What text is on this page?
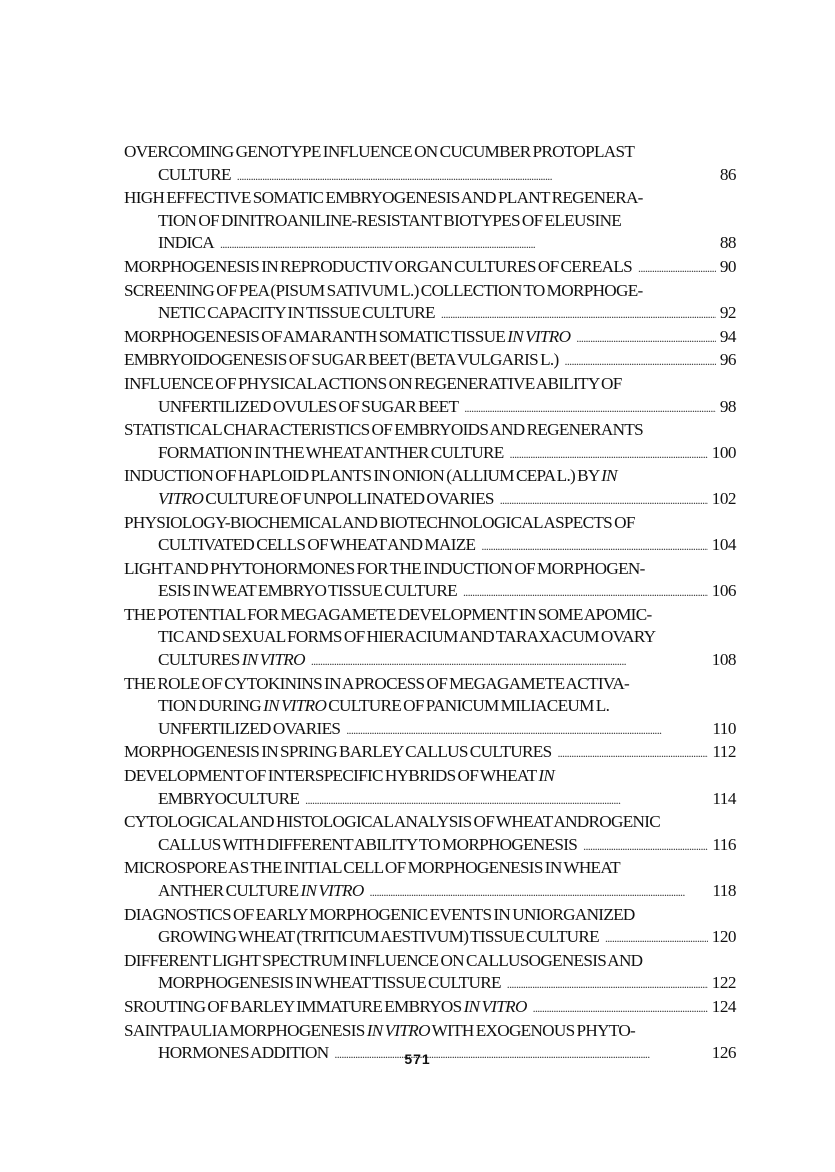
OVERCOMING GENOTYPE INFLUENCE ON CUCUMBER PROTOPLAST
CULTURE . . .	86
HIGH EFFECTIVE SOMATIC EMBRYOGENESIS AND PLANT REGENERA-
TION OF DINITROANILINE-RESISTANT BIOTYPES OF ELEUSINE
INDICA . . .	88
MORPHOGENESIS IN REPRODUCTIV ORGAN CULTURES OF CEREALS . . .	90
SCREENING OF PEA (PISUM SATIVUM L.) COLLECTION TO MORPHOGE-
NETIC CAPACITY IN TISSUE CULTURE . . .	92
MORPHOGENESIS OF AMARANTH SOMATIC TISSUE IN VITRO . . .	94
EMBRYOIDOGENESIS OF SUGAR BEET (BETA VULGARIS L.) . . .	96
INFLUENCE OF PHYSICAL ACTIONS ON REGENERATIVE ABILITY OF
UNFERTILIZED OVULES OF SUGAR BEET . . .	98
STATISTICAL CHARACTERISTICS OF EMBRYOIDS AND REGENERANTS
FORMATION IN THE WHEAT ANTHER CULTURE . . .	100
INDUCTION OF HAPLOID PLANTS IN ONION (ALLIUM CEPA L.) BY IN
VITRO CULTURE OF UNPOLLINATED OVARIES . . .	102
PHYSIOLOGY-BIOCHEMICAL AND BIOTECHNOLOGICAL ASPECTS OF
CULTIVATED CELLS OF WHEAT AND MAIZE . . .	104
LIGHT AND PHYTOHORMONES FOR THE INDUCTION OF MORPHOGEN-
ESIS IN WEAT EMBRYO TISSUE CULTURE . . .	106
THE POTENTIAL FOR MEGAGAMETE DEVELOPMENT IN SOME APOMIC-
TIC AND SEXUAL FORMS OF HIERACIUM AND TARAXACUM OVARY
CULTURES IN VITRO . . .	108
THE ROLE OF CYTOKININS IN A PROCESS OF MEGAGAMETE ACTIVA-
TION DURING IN VITRO CULTURE OF PANICUM MILIACEUM L.
UNFERTILIZED OVARIES . . .	110
MORPHOGENESIS IN SPRING BARLEY CALLUS CULTURES . . .	112
DEVELOPMENT OF INTERSPECIFIC HYBRIDS OF WHEAT IN
EMBRYOCULTURE . . .	114
CYTOLOGICAL AND HISTOLOGICAL ANALYSIS OF WHEAT ANDROGENIC
CALLUS WITH DIFFERENT ABILITY TO MORPHOGENESIS . . .	116
MICROSPORE AS THE INITIAL CELL OF MORPHOGENESIS IN WHEAT
ANTHER CULTURE IN VITRO . . .	118
DIAGNOSTICS OF EARLY MORPHOGENIC EVENTS IN UNIORGANIZED
GROWING WHEAT (TRITICUM AESTIVUM) TISSUE CULTURE . . .	120
DIFFERENT LIGHT SPECTRUM INFLUENCE ON CALLUSOGENESIS AND
MORPHOGENESIS IN WHEAT TISSUE CULTURE . . .	122
SROUTING OF BARLEY IMMATURE EMBRYOS IN VITRO . . .	124
SAINTPAULIA MORPHOGENESIS IN VITRO WITH EXOGENOUS PHYTO-
HORMONES ADDITION . . .	126
571
